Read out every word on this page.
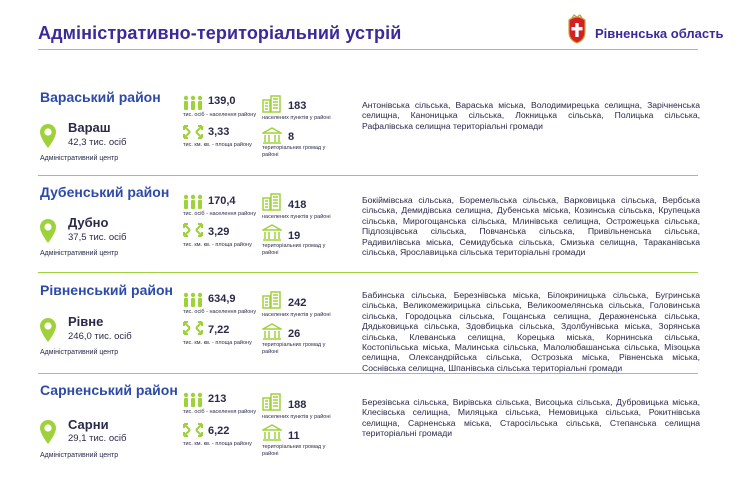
Адміністративно-територіальний устрій	Рівненська область
Вараський район
Вараш
42,3 тис. осіб
Адміністративний центр
139,0
тис. осіб - населення району
3,33
тис. км. кв. - площа району
183
населених пунктів у районі
8
територіальних громад у районі
Антонівська сільська, Вараська міська, Володимирецька селищна, Зарічненська селищна, Каноницька сільська, Локницька сільська, Полицька сільська, Рафалівська селищна територіальні громади
Дубенський район
Дубно
37,5 тис. осіб
Адміністративний центр
170,4
тис. осіб - населення району
3,29
тис. км. кв. - площа району
418
населених пунктів у районі
19
територіальних громад у районі
Бокіймівська сільська, Боремельська сільська, Варковицька сільська, Вербська сільська, Демидівська селищна, Дубенська міська, Козинська сільська, Крупецька сільська, Мирогощанська сільська, Млинівська селищна, Острожецька сільська, Підлозцівська сільська, Повчанська сільська, Привільненська сільська, Радивилівська міська, Семидубська сільська, Смизька селищна, Тараканівська сільська, Ярославицька сільська територіальні громади
Рівненський район
Рівне
246,0 тис. осіб
Адміністративний центр
634,9
тис. осіб - населення району
7,22
тис. км. кв. - площа району
242
населених пунктів у районі
26
територіальних громад у районі
Бабинська сільська, Березнівська міська, Білокриницька сільська, Бугринська сільська, Великомежирицька сільська, Великоомелянська сільська, Головинська сільська, Городоцька сільська, Гощанська селищна, Деражненська сільська, Дядьковицька сільська, Здовбицька сільська, Здолбунівська міська, Зорянська сільська, Клеванська селищна, Корецька міська, Корнинська сільська, Костопільська міська, Малинська сільська, Малолюбашанська сільська, Мізоцька селищна, Олександрійська сільська, Острозька міська, Рівненська міська, Соснівська селищна, Шпанівська сільська територіальні громади
Сарненський район
Сарни
29,1 тис. осіб
Адміністративний центр
213
тис. осіб - населення району
6,22
тис. км. кв. - площа району
188
населених пунктів у районі
11
територіальних громад у районі
Березівська сільська, Вирівська сільська, Висоцька сільська, Дубровицька міська, Клесівська селищна, Миляцька сільська, Немовицька сільська, Рокитнівська селищна, Сарненська міська, Старосільська сільська, Степанська селищна територіальні громади
